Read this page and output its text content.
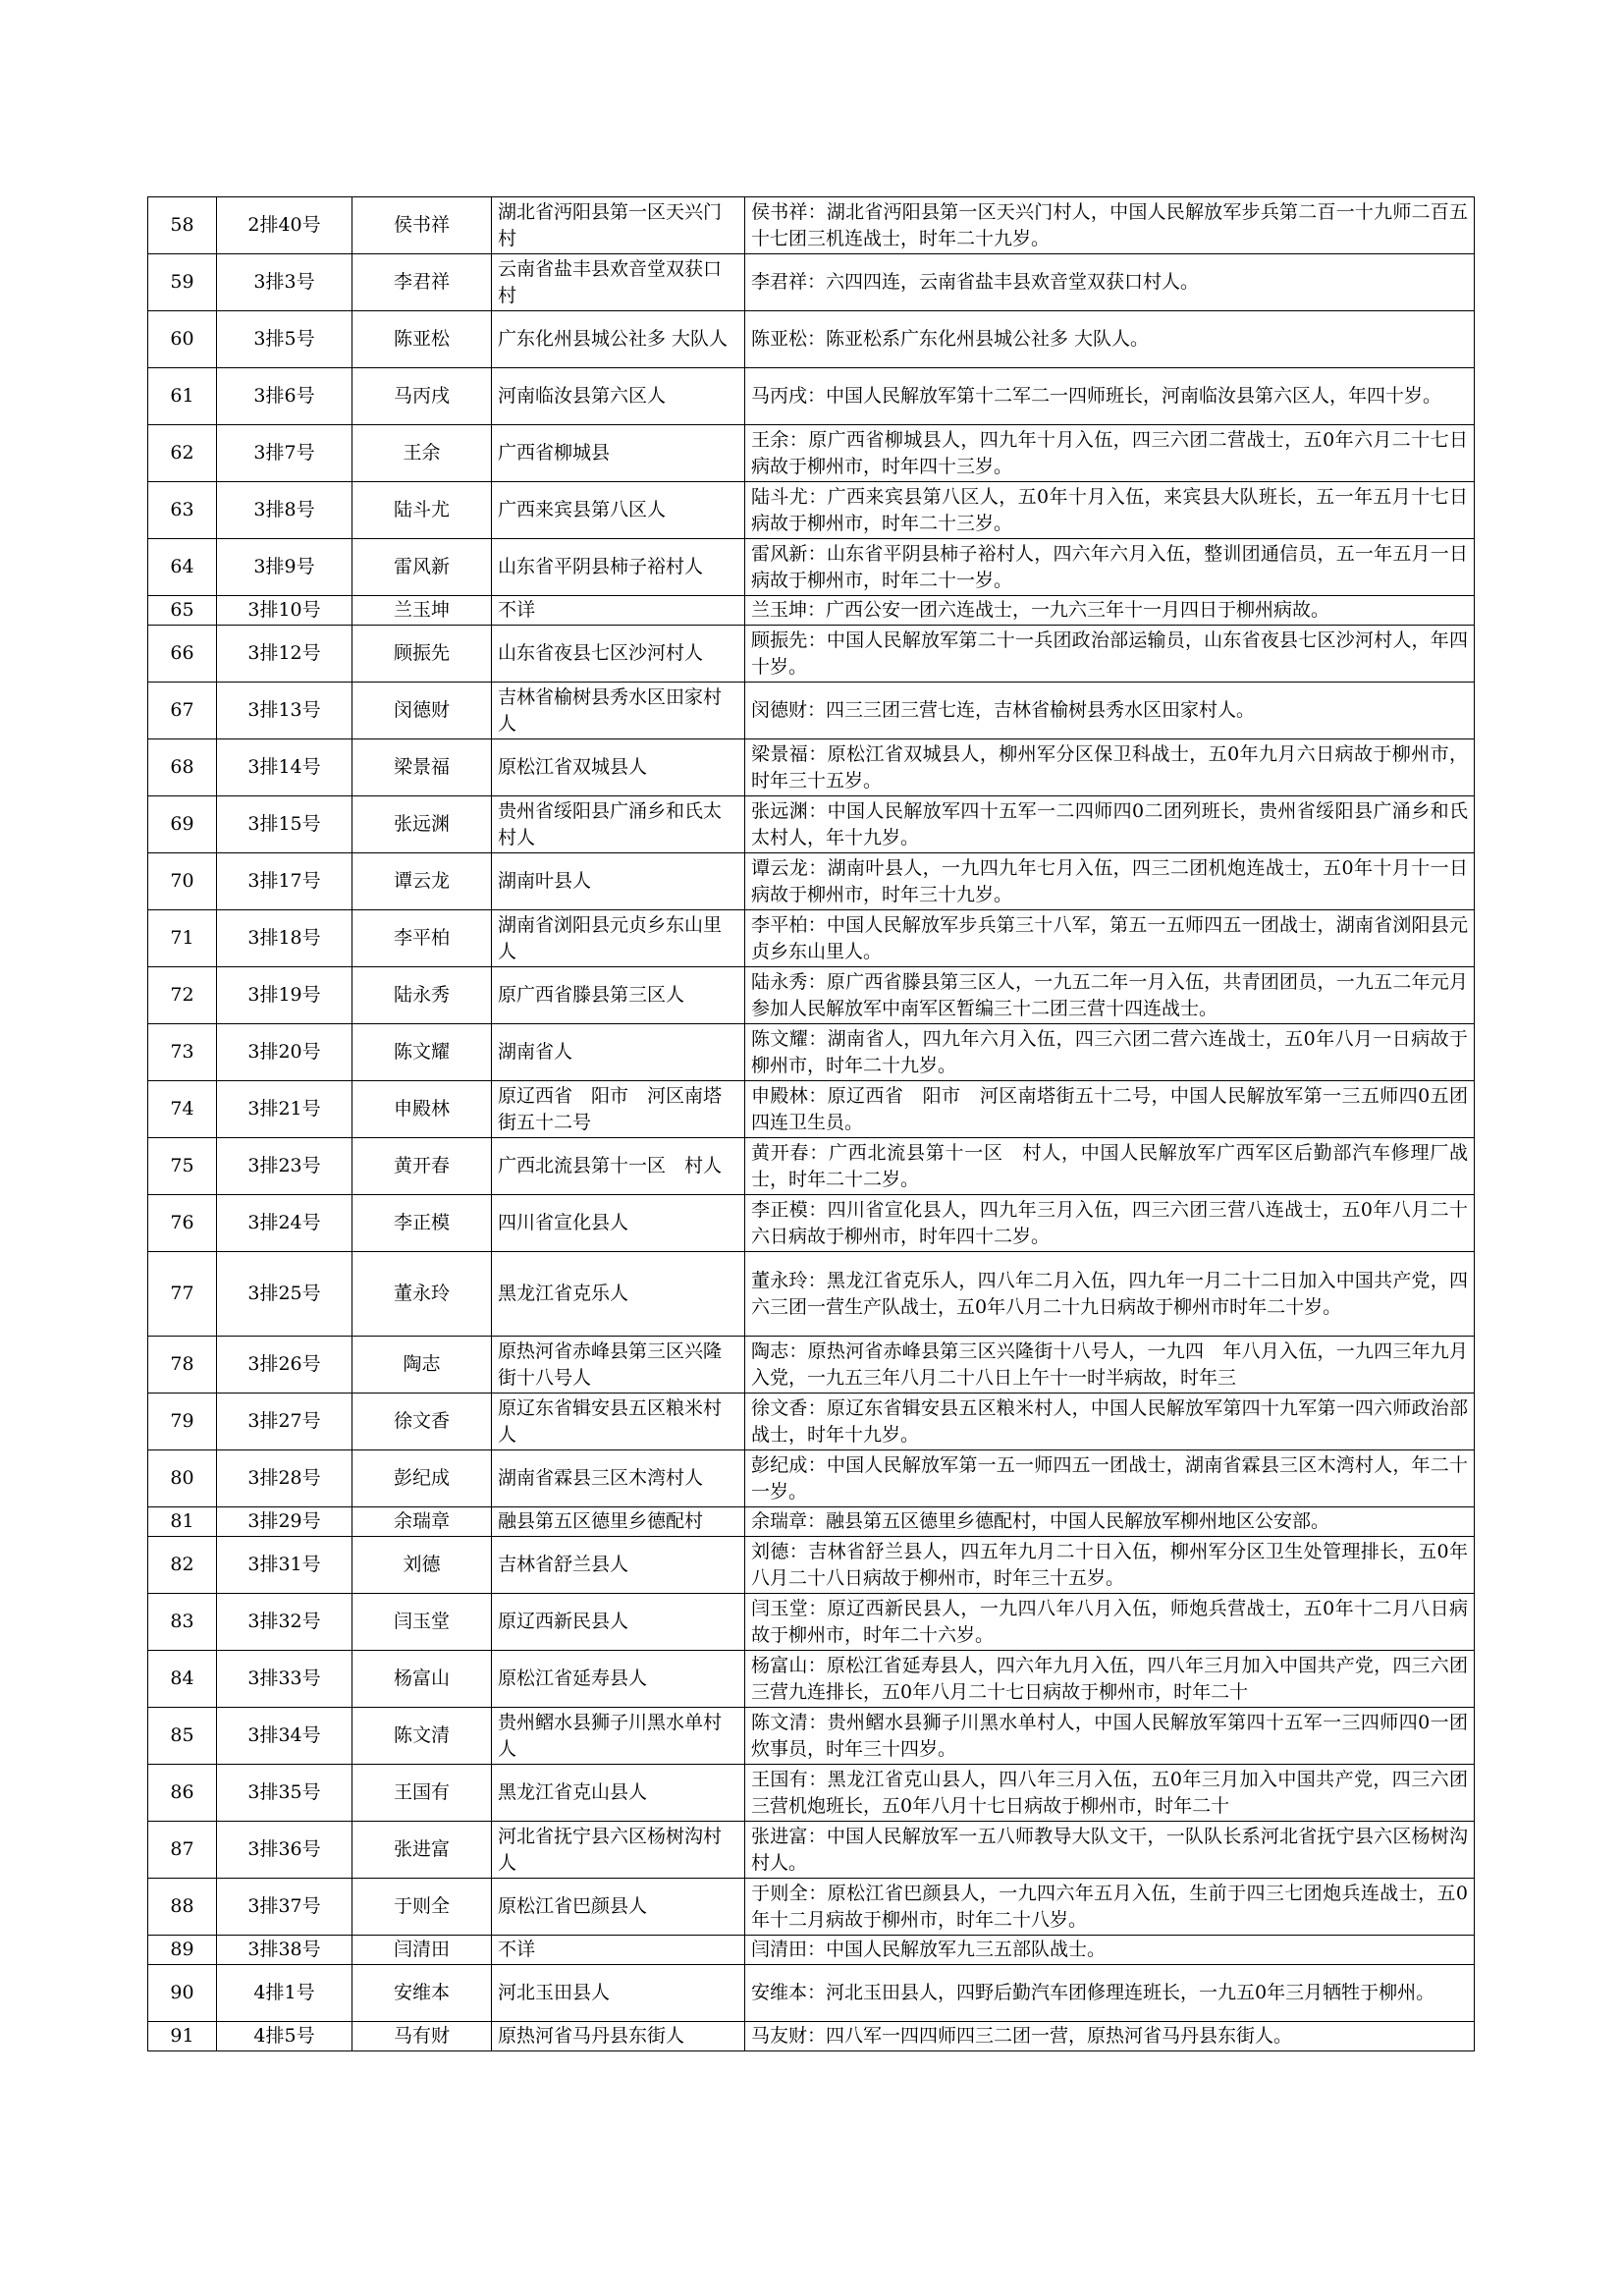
58	2排40号	侯书祥	湖北省沔阳县第一区天兴门村	侯书祥：湖北省沔阳县第一区天兴门村人，中国人民解放军步兵第二百一十九师二百五十七团三机连战士，时年二十九岁。
59	3排3号	李君祥	云南省盐丰县欢音堂双获口村	李君祥：六四四连，云南省盐丰县欢音堂双获口村人。
60	3排5号	陈亚松	广东化州县城公社多 大队人	陈亚松：陈亚松系广东化州县城公社多 大队人。
61	3排6号	马丙戌	河南临汝县第六区人	马丙戌：中国人民解放军第十二军二一四师班长，河南临汝县第六区人，年四十岁。
62	3排7号	王余	广西省柳城县	王余：原广西省柳城县人，四九年十月入伍，四三六团二营战士，五0年六月二十七日病故于柳州市，时年四十三岁。
63	3排8号	陆斗尤	广西来宾县第八区人	陆斗尤：广西来宾县第八区人，五0年十月入伍，来宾县大队班长，五一年五月十七日病故于柳州市，时年二十三岁。
64	3排9号	雷风新	山东省平阴县柿子裕村人	雷风新：山东省平阴县柿子裕村人，四六年六月入伍，整训团通信员，五一年五月一日病故于柳州市，时年二十一岁。
65	3排10号	兰玉坤	不详	兰玉坤：广西公安一团六连战士，一九六三年十一月四日于柳州病故。
66	3排12号	顾振先	山东省夜县七区沙河村人	顾振先：中国人民解放军第二十一兵团政治部运输员，山东省夜县七区沙河村人，年四十岁。
67	3排13号	闵德财	吉林省榆树县秀水区田家村人	闵德财：四三三团三营七连，吉林省榆树县秀水区田家村人。
68	3排14号	梁景福	原松江省双城县人	梁景福：原松江省双城县人，柳州军分区保卫科战士，五0年九月六日病故于柳州市，时年三十五岁。
69	3排15号	张远渊	贵州省绥阳县广涌乡和氏太村人	张远渊：中国人民解放军四十五军一二四师四0二团列班长，贵州省绥阳县广涌乡和氏太村人，年十九岁。
70	3排17号	谭云龙	湖南叶县人	谭云龙：湖南叶县人，一九四九年七月入伍，四三二团机炮连战士，五0年十月十一日病故于柳州市，时年三十九岁。
71	3排18号	李平柏	湖南省浏阳县元贞乡东山里人	李平柏：中国人民解放军步兵第三十八军，第五一五师四五一团战士，湖南省浏阳县元贞乡东山里人。
72	3排19号	陆永秀	原广西省滕县第三区人	陆永秀：原广西省滕县第三区人，一九五二年一月入伍，共青团团员，一九五二年元月参加人民解放军中南军区暂编三十二团三营十四连战士。
73	3排20号	陈文耀	湖南省人	陈文耀：湖南省人，四九年六月入伍，四三六团二营六连战士，五0年八月一日病故于柳州市，时年二十九岁。
74	3排21号	申殿林	原辽西省　阳市　河区南塔街五十二号	申殿林：原辽西省　阳市　河区南塔街五十二号，中国人民解放军第一三五师四0五团四连卫生员。
75	3排23号	黄开春	广西北流县第十一区　村人	黄开春：广西北流县第十一区　村人，中国人民解放军广西军区后勤部汽车修理厂战士，时年二十二岁。
76	3排24号	李正模	四川省宣化县人	李正模：四川省宣化县人，四九年三月入伍，四三六团三营八连战士，五0年八月二十六日病故于柳州市，时年四十二岁。
77	3排25号	董永玲	黑龙江省克乐人	董永玲：黑龙江省克乐人，四八年二月入伍，四九年一月二十二日加入中国共产党，四六三团一营生产队战士，五0年八月二十九日病故于柳州市时年二十岁。
78	3排26号	陶志	原热河省赤峰县第三区兴隆街十八号人	陶志：原热河省赤峰县第三区兴隆街十八号人，一九四　年八月入伍，一九四三年九月入党，一九五三年八月二十八日上午十一时半病故，时年三
79	3排27号	徐文香	原辽东省辑安县五区粮米村人	徐文香：原辽东省辑安县五区粮米村人，中国人民解放军第四十九军第一四六师政治部战士，时年十九岁。
80	3排28号	彭纪成	湖南省霖县三区木湾村人	彭纪成：中国人民解放军第一五一师四五一团战士，湖南省霖县三区木湾村人，年二十一岁。
81	3排29号	余瑞章	融县第五区德里乡德配村	余瑞章：融县第五区德里乡德配村，中国人民解放军柳州地区公安部。
82	3排31号	刘德	吉林省舒兰县人	刘德：吉林省舒兰县人，四五年九月二十日入伍，柳州军分区卫生处管理排长，五0年八月二十八日病故于柳州市，时年三十五岁。
83	3排32号	闫玉堂	原辽西新民县人	闫玉堂：原辽西新民县人，一九四八年八月入伍，师炮兵营战士，五0年十二月八日病故于柳州市，时年二十六岁。
84	3排33号	杨富山	原松江省延寿县人	杨富山：原松江省延寿县人，四六年九月入伍，四八年三月加入中国共产党，四三六团三营九连排长，五0年八月二十七日病故于柳州市，时年二十
85	3排34号	陈文清	贵州鳛水县狮子川黑水单村人	陈文清：贵州鳛水县狮子川黑水单村人，中国人民解放军第四十五军一三四师四0一团炊事员，时年三十四岁。
86	3排35号	王国有	黑龙江省克山县人	王国有：黑龙江省克山县人，四八年三月入伍，五0年三月加入中国共产党，四三六团三营机炮班长，五0年八月十七日病故于柳州市，时年二十
87	3排36号	张进富	河北省抚宁县六区杨树沟村人	张进富：中国人民解放军一五八师教导大队文干，一队队长系河北省抚宁县六区杨树沟村人。
88	3排37号	于则全	原松江省巴颜县人	于则全：原松江省巴颜县人，一九四六年五月入伍，生前于四三七团炮兵连战士，五0年十二月病故于柳州市，时年二十八岁。
89	3排38号	闫清田	不详	闫清田：中国人民解放军九三五部队战士。
90	4排1号	安维本	河北玉田县人	安维本：河北玉田县人，四野后勤汽车团修理连班长，一九五0年三月牺牲于柳州。
91	4排5号	马有财	原热河省马丹县东街人	马友财：四八军一四四师四三二团一营，原热河省马丹县东街人。
